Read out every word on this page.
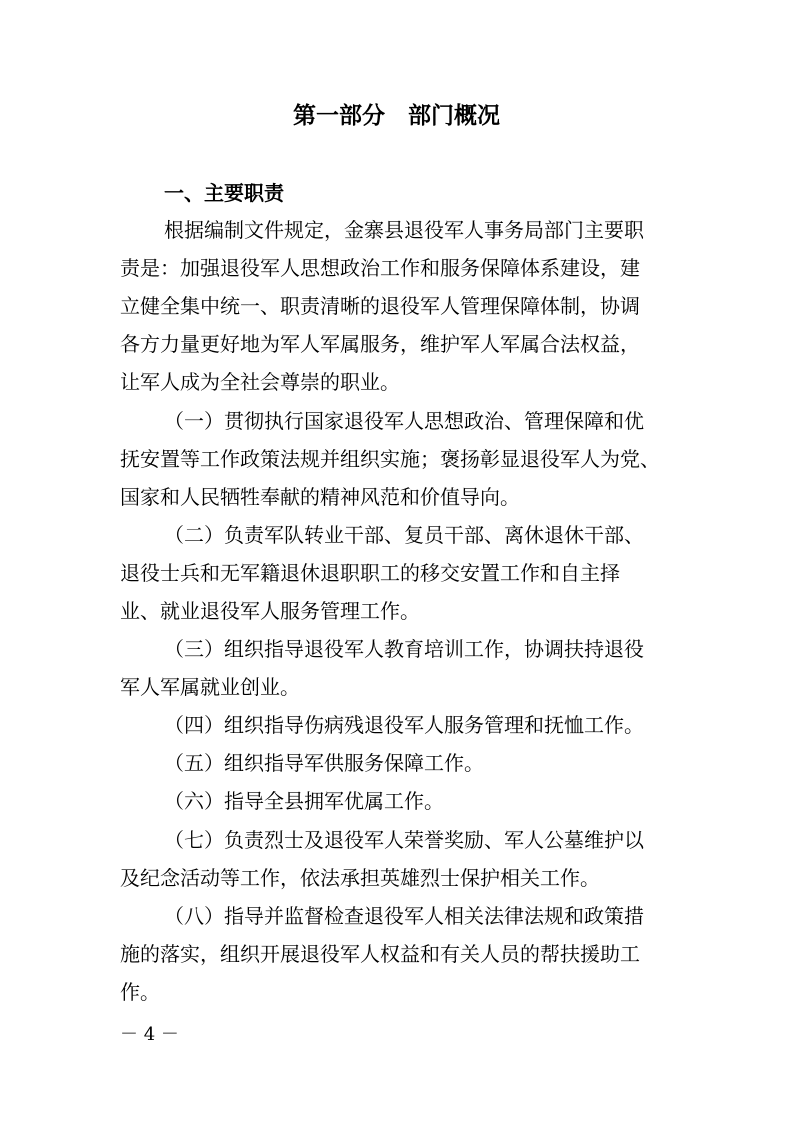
第一部分　部门概况
一、主要职责
根据编制文件规定，金寨县退役军人事务局部门主要职
责是：加强退役军人思想政治工作和服务保障体系建设，建
立健全集中统一、职责清晰的退役军人管理保障体制，协调
各方力量更好地为军人军属服务，维护军人军属合法权益，
让军人成为全社会尊崇的职业。
（一）贯彻执行国家退役军人思想政治、管理保障和优
抚安置等工作政策法规并组织实施；褒扬彰显退役军人为党、
国家和人民牺牲奉献的精神风范和价值导向。
（二）负责军队转业干部、复员干部、离休退休干部、
退役士兵和无军籍退休退职职工的移交安置工作和自主择
业、就业退役军人服务管理工作。
（三）组织指导退役军人教育培训工作，协调扶持退役
军人军属就业创业。
（四）组织指导伤病残退役军人服务管理和抚恤工作。
（五）组织指导军供服务保障工作。
（六）指导全县拥军优属工作。
（七）负责烈士及退役军人荣誉奖励、军人公墓维护以
及纪念活动等工作，依法承担英雄烈士保护相关工作。
（八）指导并监督检查退役军人相关法律法规和政策措
施的落实，组织开展退役军人权益和有关人员的帮扶援助工
作。
－ 4 －
